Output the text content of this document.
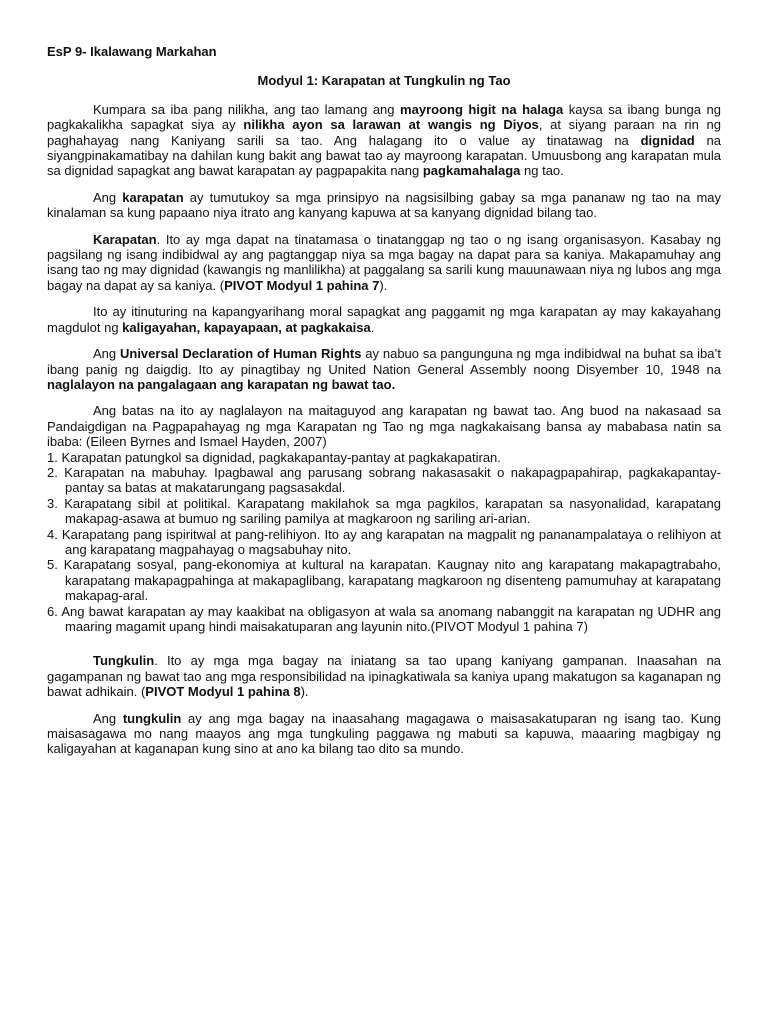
EsP 9- Ikalawang Markahan
Modyul 1: Karapatan at Tungkulin ng Tao

Kumpara sa iba pang nilikha, ang tao lamang ang mayroong higit na halaga kaysa sa ibang bunga ng pagkakalikha sapagkat siya ay nilikha ayon sa larawan at wangis ng Diyos, at siyang paraan na rin ng paghahayag nang Kaniyang sarili sa tao. Ang halagang ito o value ay tinatawag na dignidad na siyangpinakamatibay na dahilan kung bakit ang bawat tao ay mayroong karapatan. Umuusbong ang karapatan mula sa dignidad sapagkat ang bawat karapatan ay pagpapakita nang pagkamahalaga ng tao.

Ang karapatan ay tumutukoy sa mga prinsipyo na nagsisilbing gabay sa mga pananaw ng tao na may kinalaman sa kung papaano niya itrato ang kanyang kapuwa at sa kanyang dignidad bilang tao.

Karapatan. Ito ay mga dapat na tinatamasa o tinatanggap ng tao o ng isang organisasyon. Kasabay ng pagsilang ng isang indibidwal ay ang pagtanggap niya sa mga bagay na dapat para sa kaniya. Makapamuhay ang isang tao ng may dignidad (kawangis ng manlilikha) at paggalang sa sarili kung mauunawaan niya ng lubos ang mga bagay na dapat ay sa kaniya. (PIVOT Modyul 1 pahina 7).

Ito ay itinuturing na kapangyarihang moral sapagkat ang paggamit ng mga karapatan ay may kakayahang magdulot ng kaligayahan, kapayapaan, at pagkakaisa.

Ang Universal Declaration of Human Rights ay nabuo sa pangunguna ng mga indibidwal na buhat sa iba’t ibang panig ng daigdig. Ito ay pinagtibay ng United Nation General Assembly noong Disyember 10, 1948 na naglalayon na pangalagaan ang karapatan ng bawat tao.

Ang batas na ito ay naglalayon na maitaguyod ang karapatan ng bawat tao. Ang buod na nakasaad sa Pandaigdigan na Pagpapahayag ng mga Karapatan ng Tao ng mga nagkakaisang bansa ay mababasa natin sa ibaba: (Eileen Byrnes and Ismael Hayden, 2007)

1. Karapatan patungkol sa dignidad, pagkakapantay-pantay at pagkakapatiran.
2. Karapatan na mabuhay. Ipagbawal ang parusang sobrang nakasasakit o nakapagpapahirap, pagkakapantay-pantay sa batas at makatarungang pagsasakdal.
3. Karapatang sibil at politikal. Karapatang makilahok sa mga pagkilos, karapatan sa nasyonalidad, karapatang makapag-asawa at bumuo ng sariling pamilya at magkaroon ng sariling ari-arian.
4. Karapatang pang ispiritwal at pang-relihiyon. Ito ay ang karapatan na magpalit ng pananampalataya o relihiyon at ang karapatang magpahayag o magsabuhay nito.
5. Karapatang sosyal, pang-ekonomiya at kultural na karapatan. Kaugnay nito ang karapatang makapagtrabaho, karapatang makapagpahinga at makapaglibang, karapatang magkaroon ng disenteng pamumuhay at karapatang makapag-aral.
6. Ang bawat karapatan ay may kaakibat na obligasyon at wala sa anomang nabanggit na karapatan ng UDHR ang maaring magamit upang hindi maisakatuparan ang layunin nito.(PIVOT Modyul 1 pahina 7)

Tungkulin. Ito ay mga mga bagay na iniatang sa tao upang kaniyang gampanan. Inaasahan na gagampanan ng bawat tao ang mga responsibilidad na ipinagkatiwala sa kaniya upang makatugon sa kaganapan ng bawat adhikain. (PIVOT Modyul 1 pahina 8).

Ang tungkulin ay ang mga bagay na inaasahang magagawa o maisasakatuparan ng isang tao. Kung maisasagawa mo nang maayos ang mga tungkuling paggawa ng mabuti sa kapuwa, maaaring magbigay ng kaligayahan at kaganapan kung sino at ano ka bilang tao dito sa mundo.
